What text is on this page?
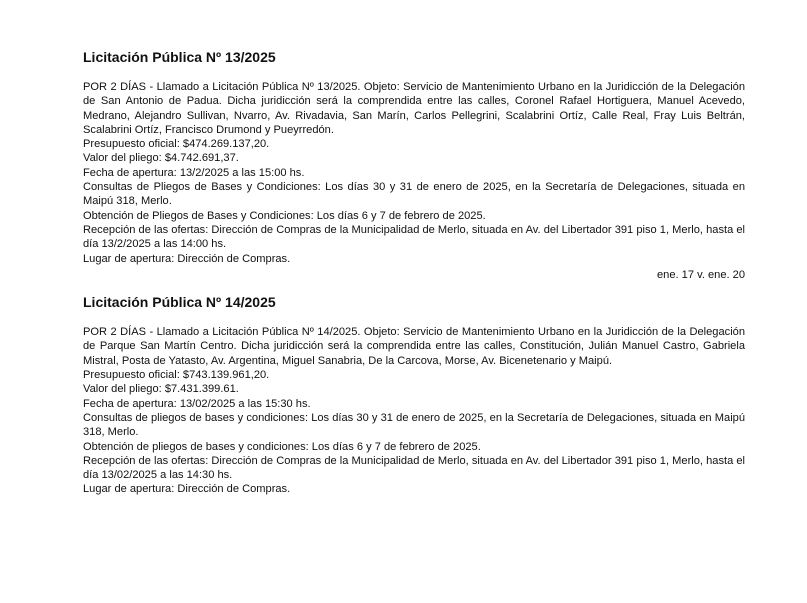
Licitación Pública Nº 13/2025

POR 2 DÍAS - Llamado a Licitación Pública Nº 13/2025. Objeto: Servicio de Mantenimiento Urbano en la Juridicción de la Delegación de San Antonio de Padua. Dicha juridicción será la comprendida entre las calles, Coronel Rafael Hortiguera, Manuel Acevedo, Medrano, Alejandro Sullivan, Nvarro, Av. Rivadavia, San Marín, Carlos Pellegrini, Scalabrini Ortíz, Calle Real, Fray Luis Beltrán, Scalabrini Ortíz, Francisco Drumond y Pueyrredón.

Presupuesto oficial: $474.269.137,20.

Valor del pliego: $4.742.691,37.

Fecha de apertura: 13/2/2025 a las 15:00 hs.

Consultas de Pliegos de Bases y Condiciones: Los días 30 y 31 de enero de 2025, en la Secretaría de Delegaciones, situada en Maipú 318, Merlo.

Obtención de Pliegos de Bases y Condiciones: Los días 6 y 7 de febrero de 2025.

Recepción de las ofertas: Dirección de Compras de la Municipalidad de Merlo, situada en Av. del Libertador 391 piso 1, Merlo, hasta el día 13/2/2025 a las 14:00 hs.

Lugar de apertura: Dirección de Compras.

ene. 17 v. ene. 20
Licitación Pública Nº 14/2025

POR 2 DÍAS - Llamado a Licitación Pública Nº 14/2025. Objeto: Servicio de Mantenimiento Urbano en la Juridicción de la Delegación de Parque San Martín Centro. Dicha juridicción será la comprendida entre las calles, Constitución, Julián Manuel Castro, Gabriela Mistral, Posta de Yatasto, Av. Argentina, Miguel Sanabria, De la Carcova, Morse, Av. Bicenetenario y Maipú.

Presupuesto oficial: $743.139.961,20.

Valor del pliego: $7.431.399.61.

Fecha de apertura: 13/02/2025 a las 15:30 hs.

Consultas de pliegos de bases y condiciones: Los días 30 y 31 de enero de 2025, en la Secretaría de Delegaciones, situada en Maipú 318, Merlo.

Obtención de pliegos de bases y condiciones: Los días 6 y 7 de febrero de 2025.

Recepción de las ofertas: Dirección de Compras de la Municipalidad de Merlo, situada en Av. del Libertador 391 piso 1, Merlo, hasta el día 13/02/2025 a las 14:30 hs.

Lugar de apertura: Dirección de Compras.
